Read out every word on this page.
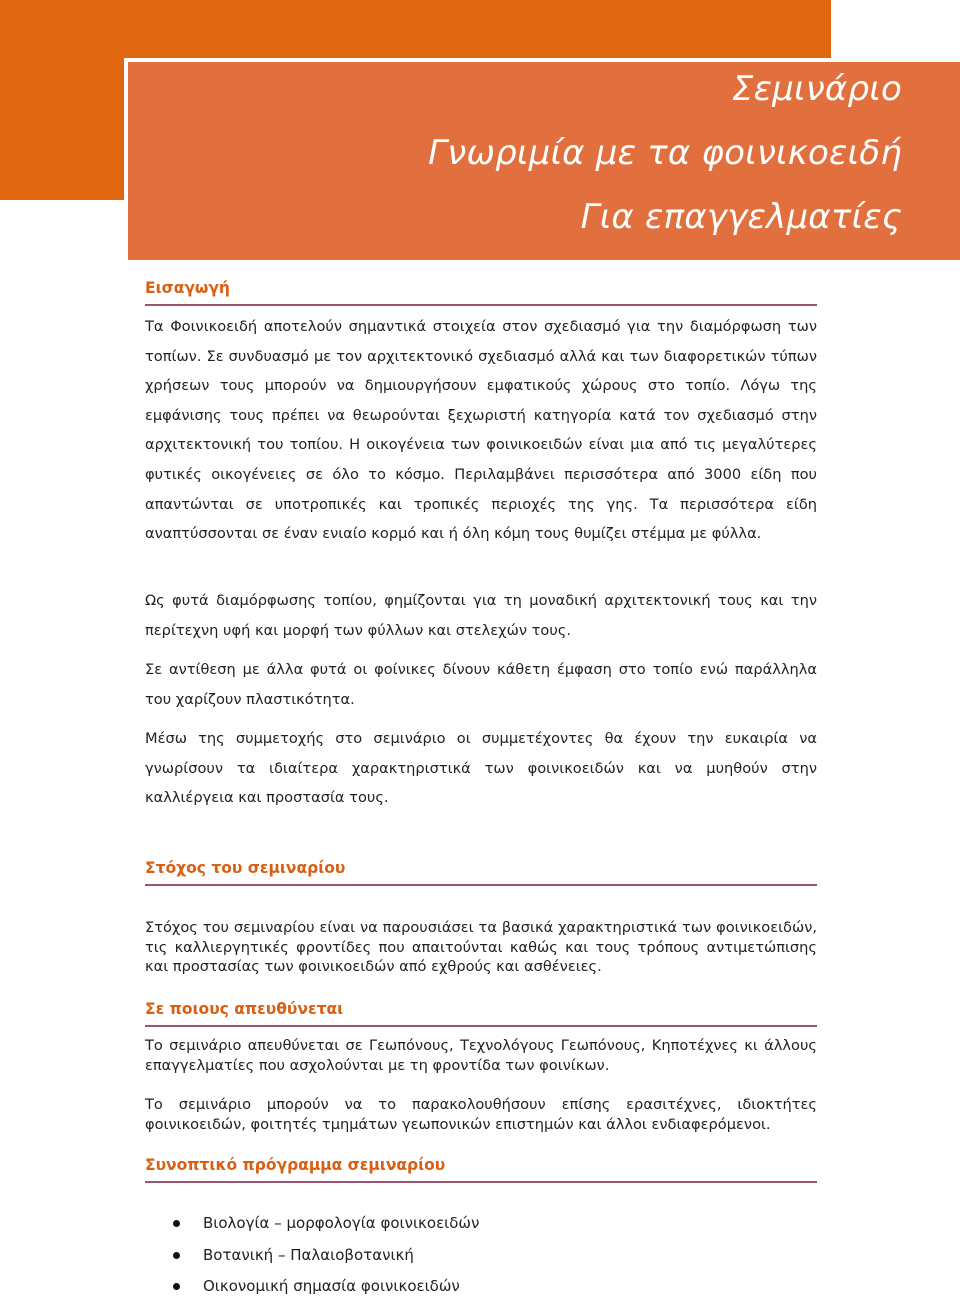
Σεμινάριο
Γνωριμία με τα φοινικοειδή
Για επαγγελματίες
Εισαγωγή

Τα Φοινικοειδή αποτελούν σημαντικά στοιχεία στον σχεδιασμό για την διαμόρφωση των τοπίων. Σε συνδυασμό με τον αρχιτεκτονικό σχεδιασμό αλλά και των διαφορετικών τύπων χρήσεων τους μπορούν να δημιουργήσουν εμφατικούς χώρους στο τοπίο. Λόγω της εμφάνισης τους πρέπει να θεωρούνται ξεχωριστή κατηγορία κατά τον σχεδιασμό στην αρχιτεκτονική του τοπίου. Η οικογένεια των φοινικοειδών είναι μια από τις μεγαλύτερες φυτικές οικογένειες σε όλο το κόσμο. Περιλαμβάνει περισσότερα από 3000 είδη που απαντώνται σε υποτροπικές και τροπικές περιοχές της γης. Τα περισσότερα είδη αναπτύσσονται σε έναν ενιαίο κορμό και ή όλη κόμη τους θυμίζει στέμμα με φύλλα.

Ως φυτά διαμόρφωσης τοπίου, φημίζονται για τη μοναδική αρχιτεκτονική τους και την περίτεχνη υφή και μορφή των φύλλων και στελεχών τους.

Σε αντίθεση με άλλα φυτά οι φοίνικες δίνουν κάθετη έμφαση στο τοπίο ενώ παράλληλα του χαρίζουν πλαστικότητα.

Μέσω της συμμετοχής στο σεμινάριο οι συμμετέχοντες θα έχουν την ευκαιρία να γνωρίσουν τα ιδιαίτερα χαρακτηριστικά των φοινικοειδών και να μυηθούν στην καλλιέργεια και προστασία τους.

Στόχος του σεμιναρίου

Στόχος του σεμιναρίου είναι να παρουσιάσει τα βασικά χαρακτηριστικά των φοινικοειδών, τις καλλιεργητικές φροντίδες που απαιτούνται καθώς και τους τρόπους αντιμετώπισης και προστασίας των φοινικοειδών από εχθρούς και ασθένειες.

Σε ποιους απευθύνεται

Το σεμινάριο απευθύνεται σε Γεωπόνους, Τεχνολόγους Γεωπόνους, Κηποτέχνες κι άλλους επαγγελματίες που ασχολούνται με τη φροντίδα των φοινίκων.

Το σεμινάριο μπορούν να το παρακολουθήσουν επίσης ερασιτέχνες, ιδιοκτήτες φοινικοειδών, φοιτητές τμημάτων γεωπονικών επιστημών και άλλοι ενδιαφερόμενοι.

Συνοπτικό πρόγραμμα σεμιναρίου
Βιολογία – μορφολογία φοινικοειδών
Βοτανική – Παλαιοβοτανική
Οικονομική σημασία φοινικοειδών
